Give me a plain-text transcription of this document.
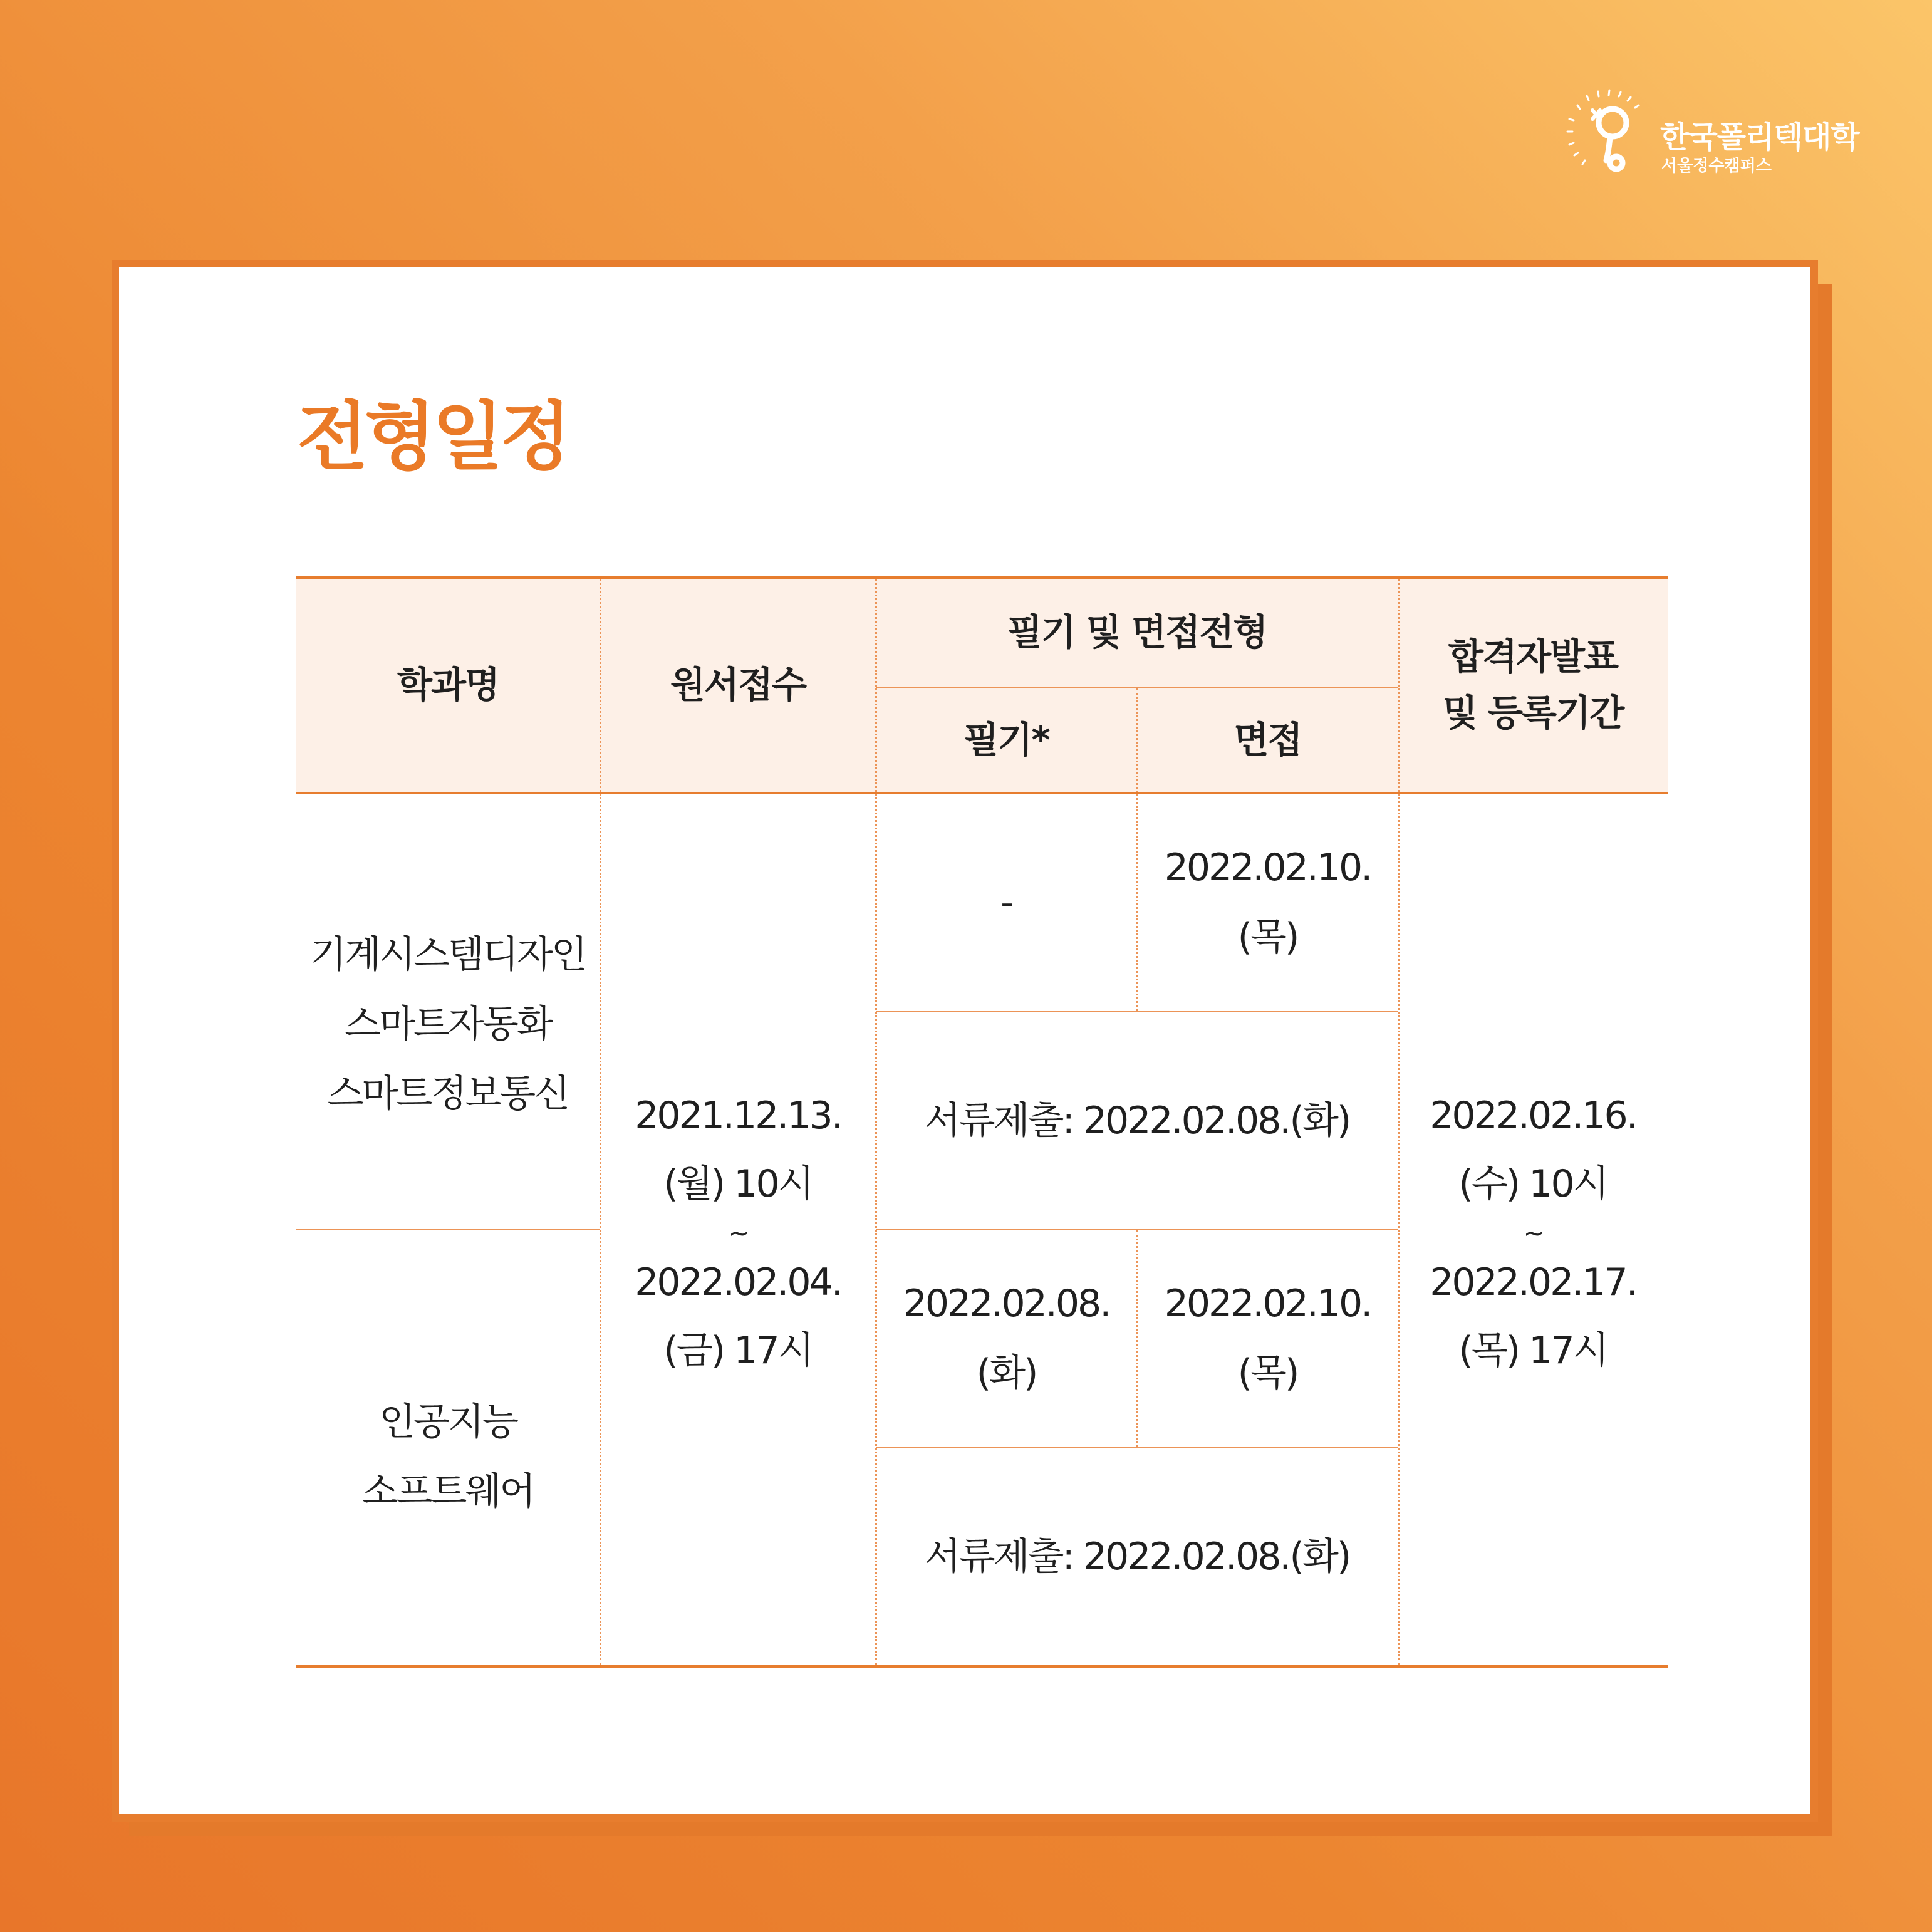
한국폴리텍대학
서울정수캠퍼스
전형일정
학과명	원서접수
필기 및 면접전형
필기*	면접
합격자발표
및 등록기간
기계시스템디자인
스마트자동화
스마트정보통신
인공지능
소프트웨어
2021.12.13.
(월) 10시
~
2022.02.04.
(금) 17시
-
2022.02.10.
(목)
서류제출: 2022.02.08.(화)
2022.02.08.
(화)
2022.02.10.
(목)
서류제출: 2022.02.08.(화)
2022.02.16.
(수) 10시
~
2022.02.17.
(목) 17시
